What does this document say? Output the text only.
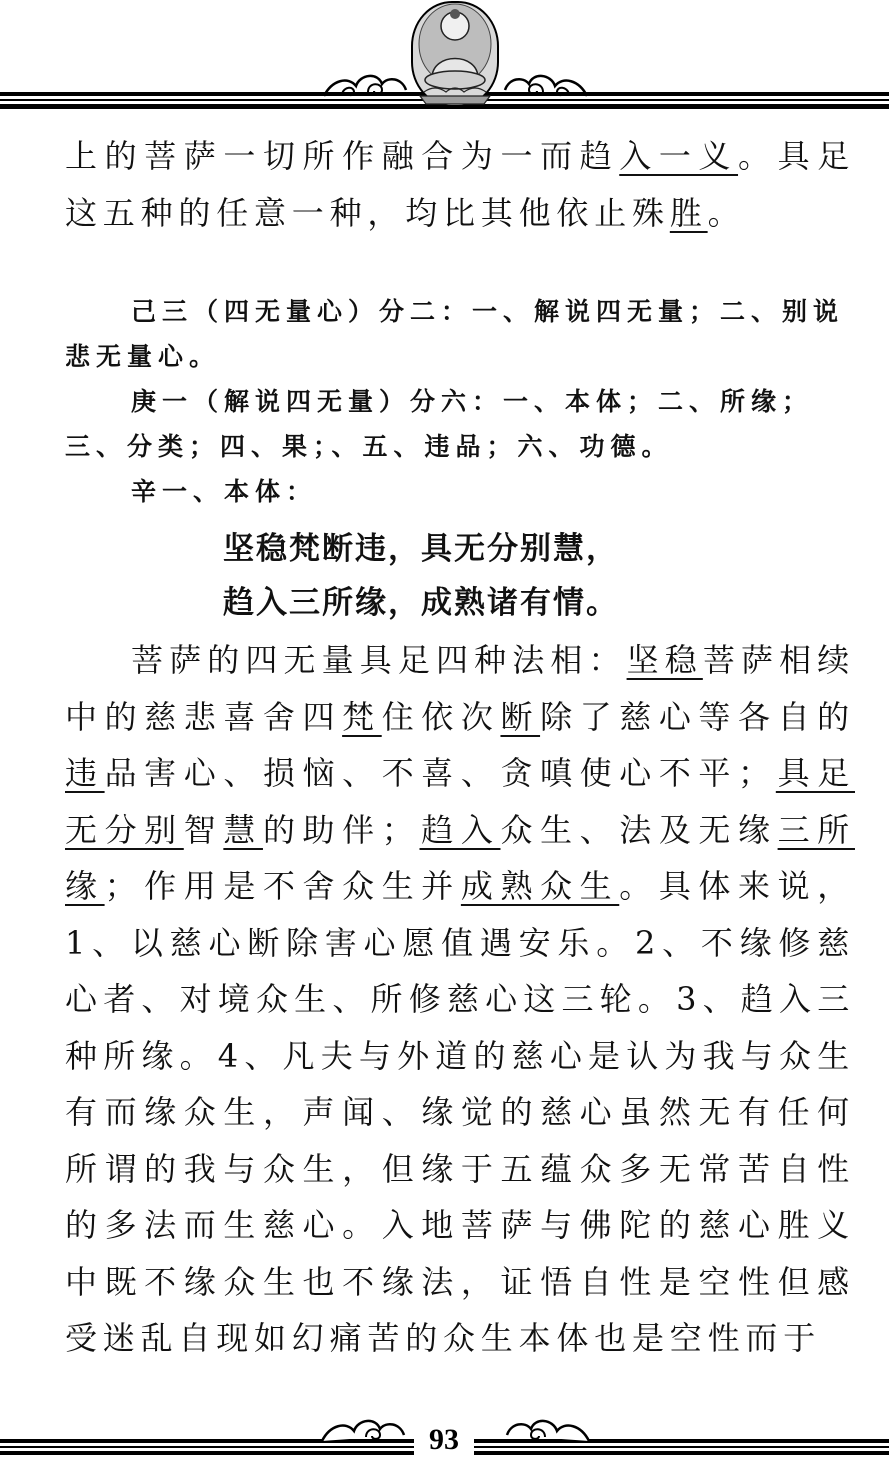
上的菩萨一切所作融合为一而趋入一义。具足这五种的任意一种，均比其他依止殊胜。

己三（四无量心）分二：一、解说四无量；二、别说悲无量心。

庚一（解说四无量）分六：一、本体；二、所缘；三、分类；四、果；、五、违品；六、功德。

辛一、本体：

坚稳梵断违，具无分别慧，

趋入三所缘，成熟诸有情。

菩萨的四无量具足四种法相：坚稳菩萨相续中的慈悲喜舍四梵住依次断除了慈心等各自的违品害心、损恼、不喜、贪嗔使心不平；具足无分别智慧的助伴；趋入众生、法及无缘三所缘；作用是不舍众生并成熟众生。具体来说，1、以慈心断除害心愿值遇安乐。2、不缘修慈心者、对境众生、所修慈心这三轮。3、趋入三种所缘。4、凡夫与外道的慈心是认为我与众生有而缘众生，声闻、缘觉的慈心虽然无有任何所谓的我与众生，但缘于五蕴众多无常苦自性的多法而生慈心。入地菩萨与佛陀的慈心胜义中既不缘众生也不缘法，证悟自性是空性但感受迷乱自现如幻痛苦的众生本体也是空性而于

93
